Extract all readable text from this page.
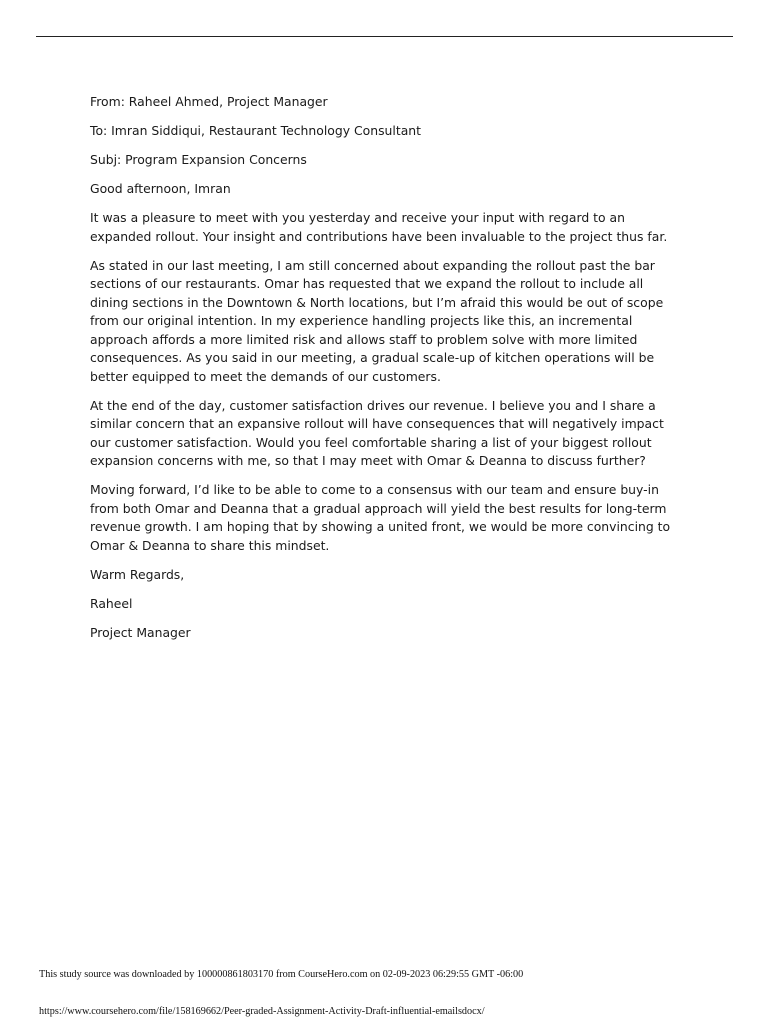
From: Raheel Ahmed, Project Manager

To: Imran Siddiqui, Restaurant Technology Consultant

Subj: Program Expansion Concerns

Good afternoon, Imran

It was a pleasure to meet with you yesterday and receive your input with regard to an expanded rollout. Your insight and contributions have been invaluable to the project thus far.

As stated in our last meeting, I am still concerned about expanding the rollout past the bar sections of our restaurants. Omar has requested that we expand the rollout to include all dining sections in the Downtown & North locations, but I’m afraid this would be out of scope from our original intention. In my experience handling projects like this, an incremental approach affords a more limited risk and allows staff to problem solve with more limited consequences. As you said in our meeting, a gradual scale-up of kitchen operations will be better equipped to meet the demands of our customers.

At the end of the day, customer satisfaction drives our revenue. I believe you and I share a similar concern that an expansive rollout will have consequences that will negatively impact our customer satisfaction. Would you feel comfortable sharing a list of your biggest rollout expansion concerns with me, so that I may meet with Omar & Deanna to discuss further?

Moving forward, I’d like to be able to come to a consensus with our team and ensure buy-in from both Omar and Deanna that a gradual approach will yield the best results for long-term revenue growth. I am hoping that by showing a united front, we would be more convincing to Omar & Deanna to share this mindset.

Warm Regards,

Raheel

Project Manager

This study source was downloaded by 100000861803170 from CourseHero.com on 02-09-2023 06:29:55 GMT -06:00
https://www.coursehero.com/file/158169662/Peer-graded-Assignment-Activity-Draft-influential-emailsdocx/
